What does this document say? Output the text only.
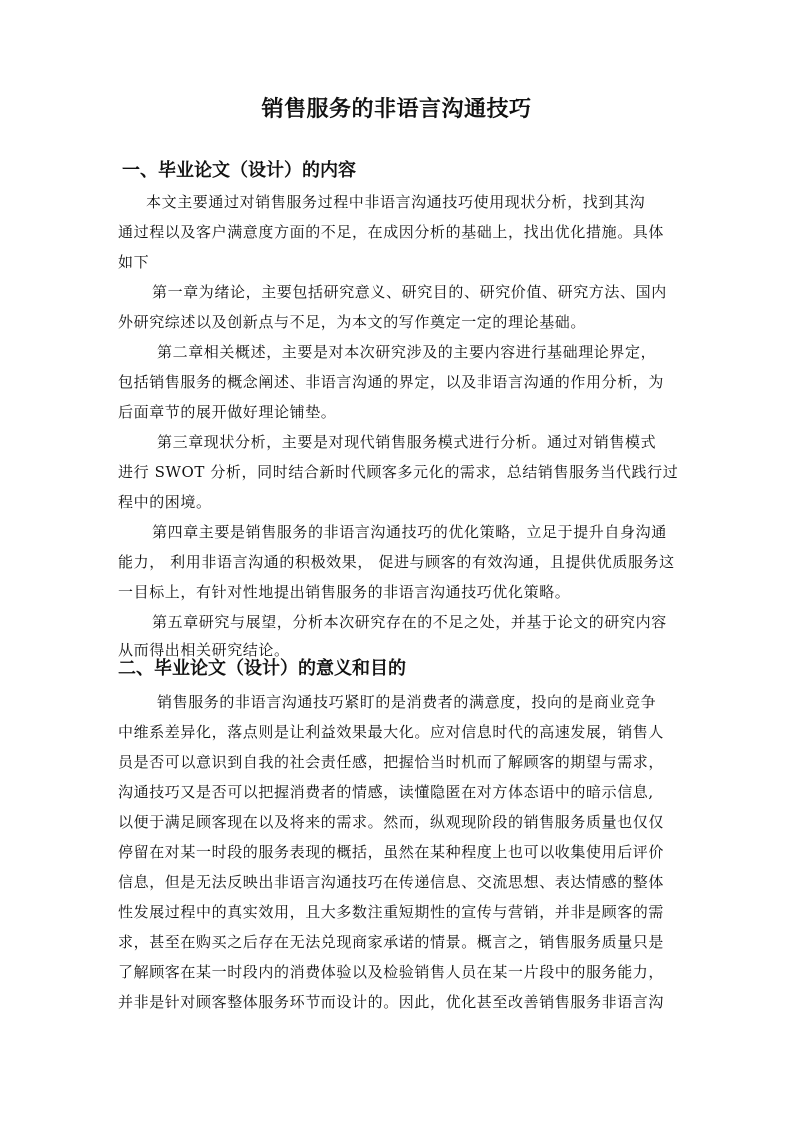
销售服务的非语言沟通技巧
一、毕业论文（设计）的内容
本文主要通过对销售服务过程中非语言沟通技巧使用现状分析，找到其沟
通过程以及客户满意度方面的不足，在成因分析的基础上，找出优化措施。具体
如下
第一章为绪论，主要包括研究意义、研究目的、研究价值、研究方法、国内
外研究综述以及创新点与不足，为本文的写作奠定一定的理论基础。
第二章相关概述，主要是对本次研究涉及的主要内容进行基础理论界定，
包括销售服务的概念阐述、非语言沟通的界定，以及非语言沟通的作用分析，为
后面章节的展开做好理论铺垫。
第三章现状分析，主要是对现代销售服务模式进行分析。通过对销售模式
进行 SWOT 分析，同时结合新时代顾客多元化的需求，总结销售服务当代践行过
程中的困境。
第四章主要是销售服务的非语言沟通技巧的优化策略，立足于提升自身沟通
能力， 利用非语言沟通的积极效果， 促进与顾客的有效沟通，且提供优质服务这
一目标上，有针对性地提出销售服务的非语言沟通技巧优化策略。
第五章研究与展望，分析本次研究存在的不足之处，并基于论文的研究内容
从而得出相关研究结论。
二、毕业论文（设计）的意义和目的
销售服务的非语言沟通技巧紧盯的是消费者的满意度，投向的是商业竞争
中维系差异化，落点则是让利益效果最大化。应对信息时代的高速发展，销售人
员是否可以意识到自我的社会责任感，把握恰当时机而了解顾客的期望与需求，
沟通技巧又是否可以把握消费者的情感，读懂隐匿在对方体态语中的暗示信息,
以便于满足顾客现在以及将来的需求。然而，纵观现阶段的销售服务质量也仅仅
停留在对某一时段的服务表现的概括，虽然在某种程度上也可以收集使用后评价
信息，但是无法反映出非语言沟通技巧在传递信息、交流思想、表达情感的整体
性发展过程中的真实效用，且大多数注重短期性的宣传与营销，并非是顾客的需
求，甚至在购买之后存在无法兑现商家承诺的情景。概言之，销售服务质量只是
了解顾客在某一时段内的消费体验以及检验销售人员在某一片段中的服务能力，
并非是针对顾客整体服务环节而设计的。因此，优化甚至改善销售服务非语言沟
